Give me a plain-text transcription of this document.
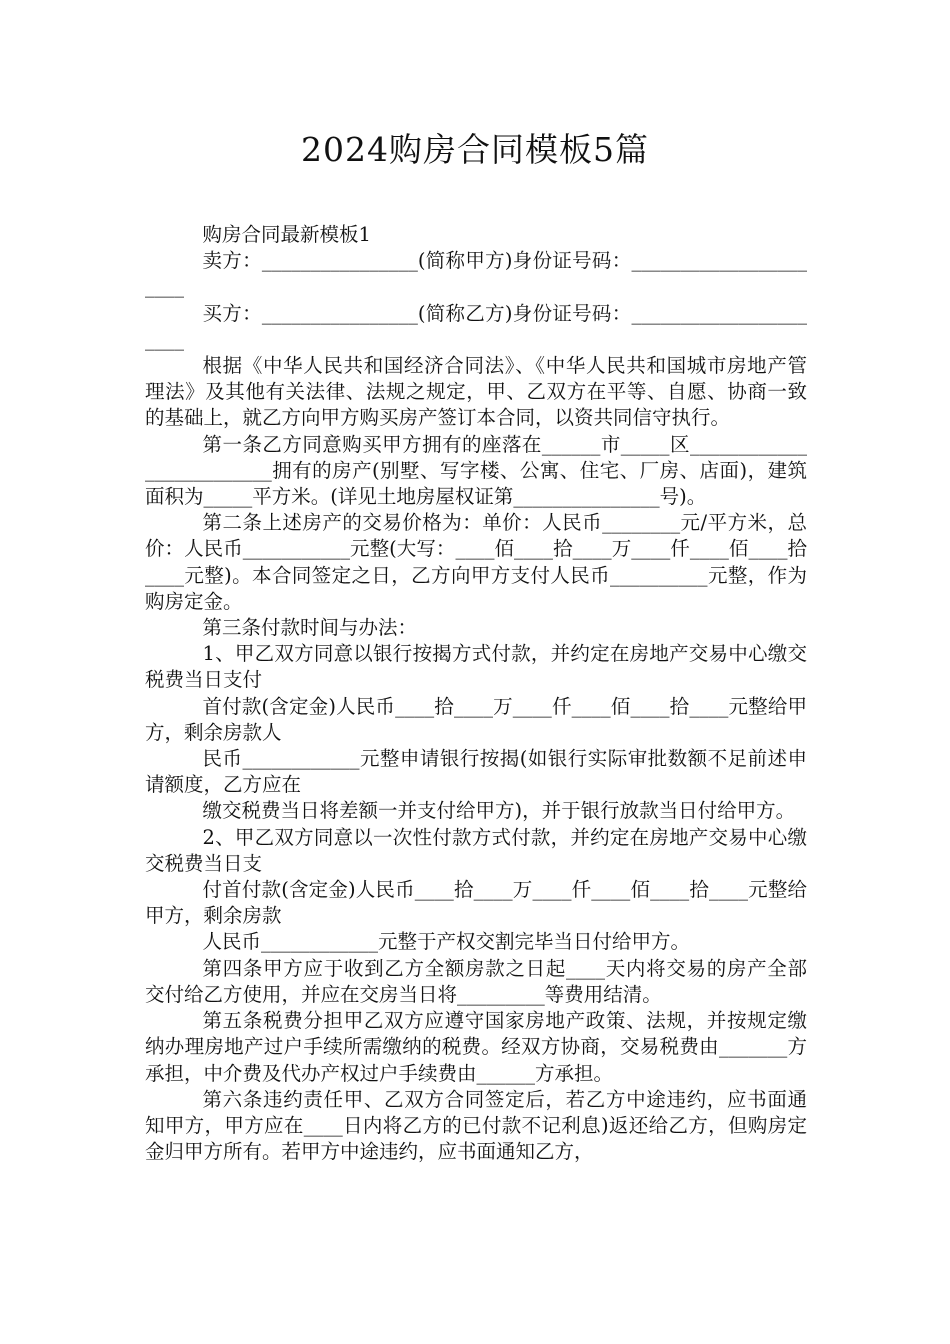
2024购房合同模板5篇

购房合同最新模板1

卖方：________________(简称甲方)身份证号码：______________________

买方：________________(简称乙方)身份证号码：______________________

根据《中华人民共和国经济合同法》、《中华人民共和国城市房地产管理法》及其他有关法律、法规之规定，甲、乙双方在平等、自愿、协商一致的基础上，就乙方向甲方购买房产签订本合同，以资共同信守执行。

第一条乙方同意购买甲方拥有的座落在______市_____区_________________________拥有的房产(别墅、写字楼、公寓、住宅、厂房、店面)，建筑面积为_____平方米。(详见土地房屋权证第_______________号)。

第二条上述房产的交易价格为：单价：人民币________元/平方米，总价：人民币___________元整(大写：____佰____拾____万____仟____佰____拾____元整)。本合同签定之日，乙方向甲方支付人民币__________元整，作为购房定金。

第三条付款时间与办法：

1、甲乙双方同意以银行按揭方式付款，并约定在房地产交易中心缴交税费当日支付

首付款(含定金)人民币____拾____万____仟____佰____拾____元整给甲方，剩余房款人

民币____________元整申请银行按揭(如银行实际审批数额不足前述申请额度，乙方应在

缴交税费当日将差额一并支付给甲方)，并于银行放款当日付给甲方。

2、甲乙双方同意以一次性付款方式付款，并约定在房地产交易中心缴交税费当日支

付首付款(含定金)人民币____拾____万____仟____佰____拾____元整给甲方，剩余房款

人民币____________元整于产权交割完毕当日付给甲方。

第四条甲方应于收到乙方全额房款之日起____天内将交易的房产全部交付给乙方使用，并应在交房当日将_________等费用结清。

第五条税费分担甲乙双方应遵守国家房地产政策、法规，并按规定缴纳办理房地产过户手续所需缴纳的税费。经双方协商，交易税费由_______方承担，中介费及代办产权过户手续费由______方承担。

第六条违约责任甲、乙双方合同签定后，若乙方中途违约，应书面通知甲方，甲方应在____日内将乙方的已付款不记利息)返还给乙方，但购房定金归甲方所有。若甲方中途违约，应书面通知乙方，
